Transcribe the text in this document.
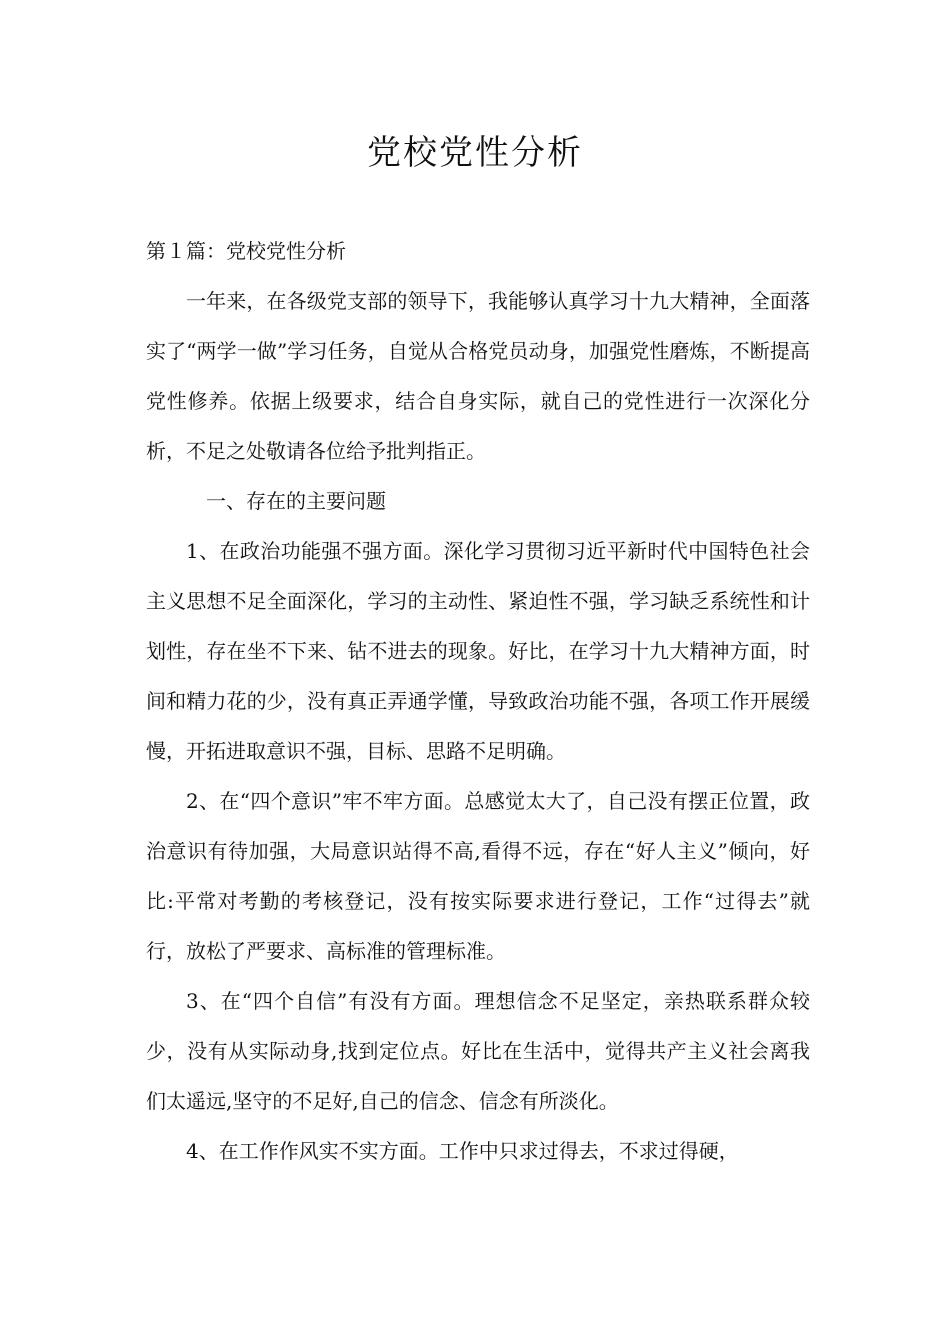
党校党性分析

第１篇：党校党性分析

一年来，在各级党支部的领导下，我能够认真学习十九大精神，全面落实了“两学一做”学习任务，自觉从合格党员动身，加强党性磨炼，不断提高党性修养。依据上级要求，结合自身实际，就自己的党性进行一次深化分析，不足之处敬请各位给予批判指正。

一、存在的主要问题

1、在政治功能强不强方面。深化学习贯彻习近平新时代中国特色社会主义思想不足全面深化，学习的主动性、紧迫性不强，学习缺乏系统性和计划性，存在坐不下来、钻不进去的现象。好比，在学习十九大精神方面，时间和精力花的少，没有真正弄通学懂，导致政治功能不强，各项工作开展缓慢，开拓进取意识不强，目标、思路不足明确。

2、在“四个意识”牢不牢方面。总感觉太大了，自己没有摆正位置，政治意识有待加强，大局意识站得不高,看得不远，存在“好人主义”倾向，好比:平常对考勤的考核登记，没有按实际要求进行登记，工作“过得去”就行，放松了严要求、高标准的管理标准。

3、在“四个自信”有没有方面。理想信念不足坚定，亲热联系群众较少，没有从实际动身,找到定位点。好比在生活中，觉得共产主义社会离我们太遥远,坚守的不足好,自己的信念、信念有所淡化。

4、在工作作风实不实方面。工作中只求过得去，不求过得硬，
